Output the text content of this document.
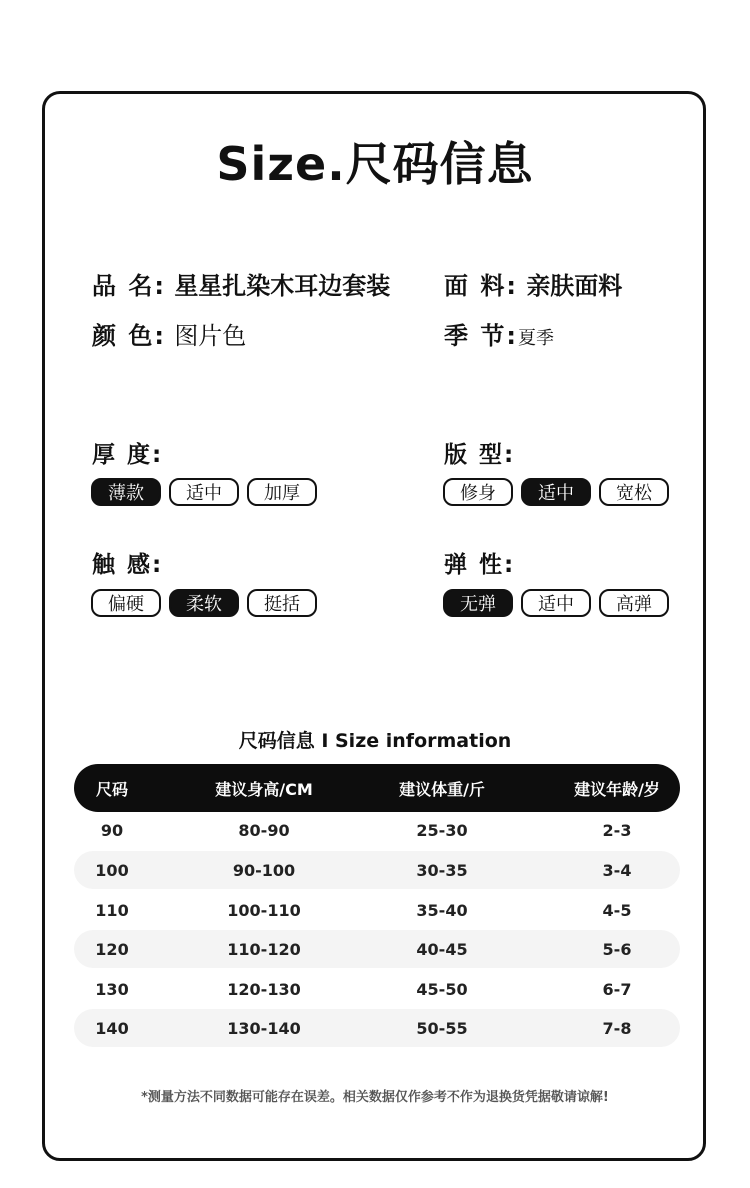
Size.尺码信息
品 名: 星星扎染木耳边套装 面 料: 亲肤面料
颜 色: 图片色	季 节:夏季
厚 度:
薄款	适中	加厚
版 型:
修身	适中	宽松
触 感:
偏硬	柔软	挺括
弹 性:
无弹	适中	高弹
尺码信息 I Size information
尺码	建议身高/CM	建议体重/斤	建议年龄/岁
90	80-90	25-30	2-3
100	90-100	30-35	3-4
110	100-110	35-40	4-5
120	110-120	40-45	5-6
130	120-130	45-50	6-7
140	130-140	50-55	7-8
*测量方法不同数据可能存在误差。相关数据仅作参考不作为退换货凭据敬请谅解!
